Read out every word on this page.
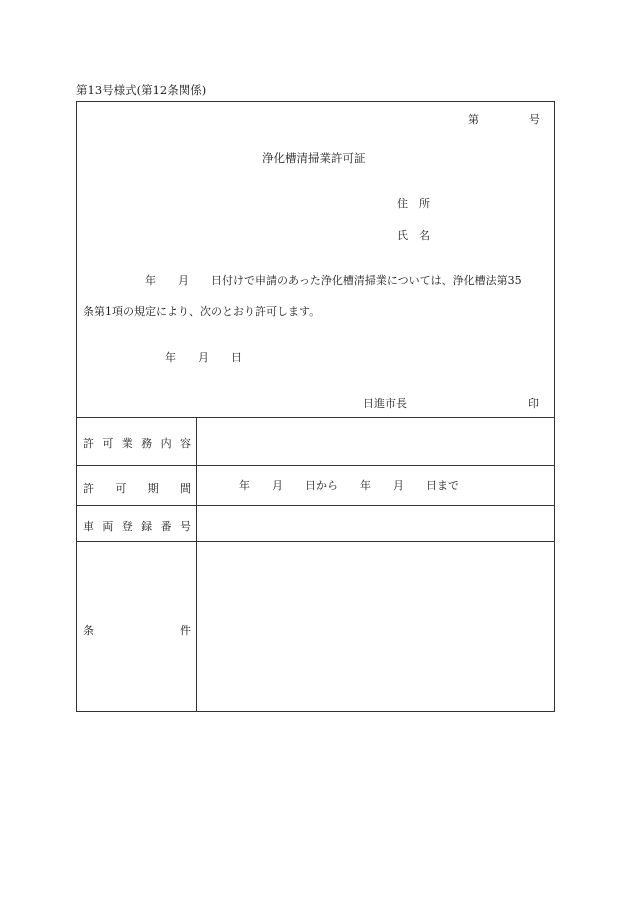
第13号様式(第12条関係)
第	号
浄化槽清掃業許可証
住　所
氏　名
年　　月　　日付けで申請のあった浄化槽清掃業については、浄化槽法第35
条第1項の規定により、次のとおり許可します。
年　　月　　日
日進市長	印
許 可 業 務 内 容
許 可 期 間	年　　月　　日から　　年　　月　　日まで
車 両 登 録 番 号
条	件
